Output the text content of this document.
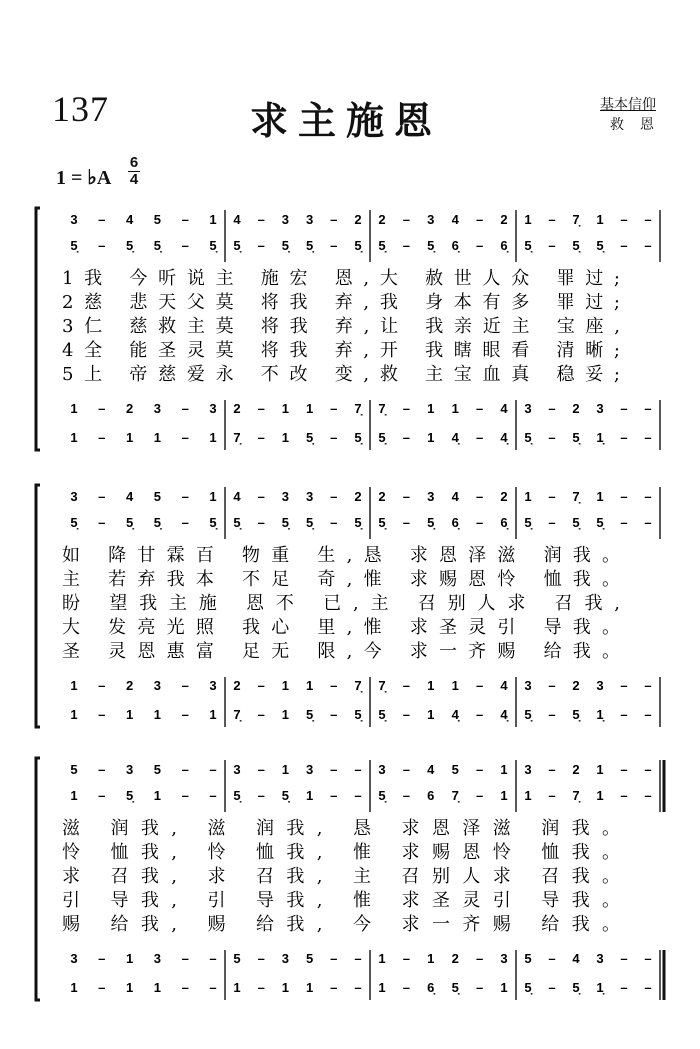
137	求主施恩	基本信仰
救恩
1 = ♭A
6
4
3 – 4 5 – 1 4 – 3 3 – 2 2 – 3 4 – 2 1 – 7̣ 1 – –
5̣ – 5̣ 5̣ – 5̣ 5̣ – 5̣ 5̣ – 5̣ 5̣ – 5̣ 6̣ – 6̣ 5̣ – 5̣ 5̣ – –
1 – 2 3 – 3 2 – 1 1 – 7̣ 7̣ – 1 1 – 4 3 – 2 3 – –
1 – 1 1 – 1 7̣ – 1 5̣ – 5̣ 5̣ – 1 4̣ – 4̣ 5̣ – 5̣ 1̣ – –
1我 今听说主 施宏 恩,大 赦世人众 罪过;
2慈 悲天父莫 将我 弃,我 身本有多 罪过;
3仁 慈救主莫 将我 弃,让 我亲近主 宝座,
4全 能圣灵莫 将我 弃,开 我瞎眼看 清晰;
5上 帝慈爱永 不改 变,救 主宝血真 稳妥;
3 – 4 5 – 1 4 – 3 3 – 2 2 – 3 4 – 2 1 – 7̣ 1 – –
5̣ – 5̣ 5̣ – 5̣ 5̣ – 5̣ 5̣ – 5̣ 5̣ – 5̣ 6̣ – 6̣ 5̣ – 5̣ 5̣ – –
1 – 2 3 – 3 2 – 1 1 – 7̣ 7̣ – 1 1 – 4 3 – 2 3 – –
1 – 1 1 – 1 7̣ – 1 5̣ – 5̣ 5̣ – 1 4̣ – 4̣ 5̣ – 5̣ 1̣ – –
如 降甘霖百 物重 生,恳 求恩泽滋 润我。
主 若弃我本 不足 奇,惟 求赐恩怜 恤我。
盼 望我主施 恩不 已,主 召别人求 召我,
大 发亮光照 我心 里,惟 求圣灵引 导我。
圣 灵恩惠富 足无 限,今 求一齐赐 给我。
5 – 3 5 – – 3 – 1 3 – – 3 – 4 5 – 1 3 – 2 1 – –
1 – 5̣ 1 – – 5̣ – 5̣ 1 – – 5̣ – 6 7̣ – 1 1 – 7̣ 1 – –
3 – 1 3 – – 5 – 3 5 – – 1 – 1 2 – 3 5 – 4 3 – –
1 – 1 1 – – 1 – 1 1 – – 1 – 6̣ 5̣ – 1 5̣ – 5̣ 1̣ – –
滋 润我, 滋 润我, 恳 求恩泽滋 润我。
怜 恤我, 怜 恤我, 惟 求赐恩怜 恤我。
求 召我, 求 召我, 主 召别人求 召我。
引 导我, 引 导我, 惟 求圣灵引 导我。
赐 给我, 赐 给我, 今 求一齐赐 给我。
